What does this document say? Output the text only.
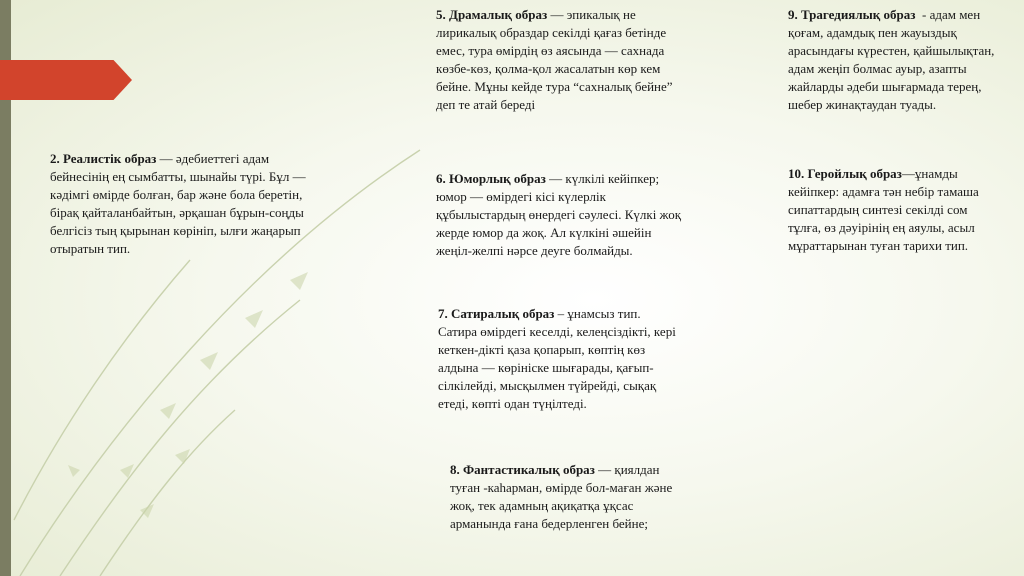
2. Реалистік образ — әдебиеттегі адам бейнесінің ең сымбатты, шынайы түрі. Бұл — кәдімгі өмірде болған, бар және бола беретін, бірақ қайталанбайтын, әрқашан бұрын-соңды белгісіз тың қырынан көрініп, ылғи жаңарып отыратын тип.
5. Драмалық образ — эпикалық не лирикалық образдар секілді қағаз бетінде емес, тура өмірдің өз аясында — сахнада көзбе-көз, қолма-қол жасалатын көр кем бейне. Мұны кейде тура “сахналық бейне”  деп те атай береді
6. Юморлық образ — күлкілі кейіпкер; юмор — өмірдегі кісі күлерлік құбылыстардың өнердегі сәулесі. Күлкі жоқ жерде юмор да жоқ. Ал күлкіні әшейін жеңіл-желпі нәрсе деуге болмайды.
7. Сатиралық образ – ұнамсыз тип. Сатира өмірдегі кеселді, келеңсіздікті, кері кеткен-дікті қаза қопарып, көптің көз алдына — көрініске шығарады, қағып-сілкілейді, мысқылмен түйрейді, сықақ етеді, көпті одан түңілтеді.
8. Фантастикалық образ — қиялдан туған -каһарман, өмірде бол-маған және жоқ, тек адамның ақиқатқа ұқсас арманында ғана бедерленген бейне;
9. Трагедиялық образ  - адам мен қоғам, адамдық пен жауыздық арасындағы күрестен, қайшылықтан, адам жеңіп болмас ауыр, азапты жайларды әдеби шығармада терең, шебер жинақтаудан туады.
10. Геройлық образ—ұнамды кейіпкер: адамға тән небір тамаша сипаттардың синтезі секілді сом тұлға, өз дәуірінің ең аяулы, асыл мұраттарынан туған тарихи тип.
